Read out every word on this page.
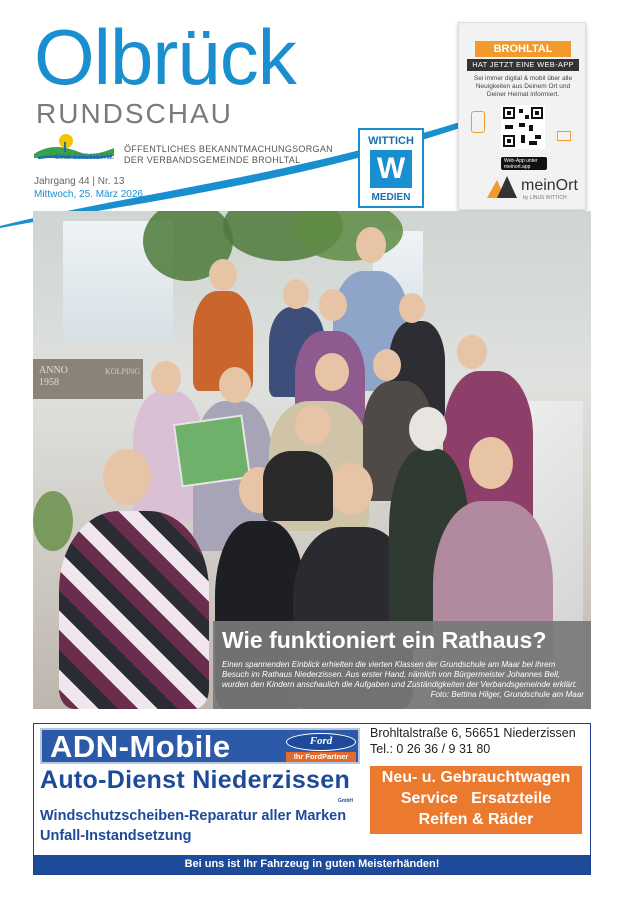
Olbrück
RUNDSCHAU
DAS BROHLTAL
ÖFFENTLICHES BEKANNTMACHUNGSORGAN
DER VERBANDSGEMEINDE BROHLTAL
Jahrgang 44 | Nr. 13
Mittwoch, 25. März 2026
WITTICH
W
MEDIEN
BROHLTAL
HAT JETZT EINE WEB-APP
Sei immer digital & mobil über alle Neuigkeiten aus Deinem Ort und Deiner Heimat informiert.
Web-App unter meinort.app
meinOrt
by LINUS WITTICH
ANNO
1958
KOLPING
Wie funktioniert ein Rathaus?
Einen spannenden Einblick erhielten die vierten Klassen der Grundschule am Maar bei ihrem Besuch im Rathaus Niederzissen. Aus erster Hand, nämlich von Bürgermeister Johannes Bell, wurden den Kindern anschaulich die Aufgaben und Zuständigkeiten der Verbandsgemeinde erklärt.
Foto: Bettina Hilger, Grundschule am Maar
ADN-Mobile	Ford
Ihr FordPartner
Auto-Dienst Niederzissen
GmbH
Windschutzscheiben-Reparatur aller Marken
Unfall-Instandsetzung
Brohltalstraße 6, 56651 Niederzissen
Tel.: 0 26 36 / 9 31 80
Neu- u. Gebrauchtwagen
Service   Ersatzteile
Reifen & Räder
Bei uns ist Ihr Fahrzeug in guten Meisterhänden!
